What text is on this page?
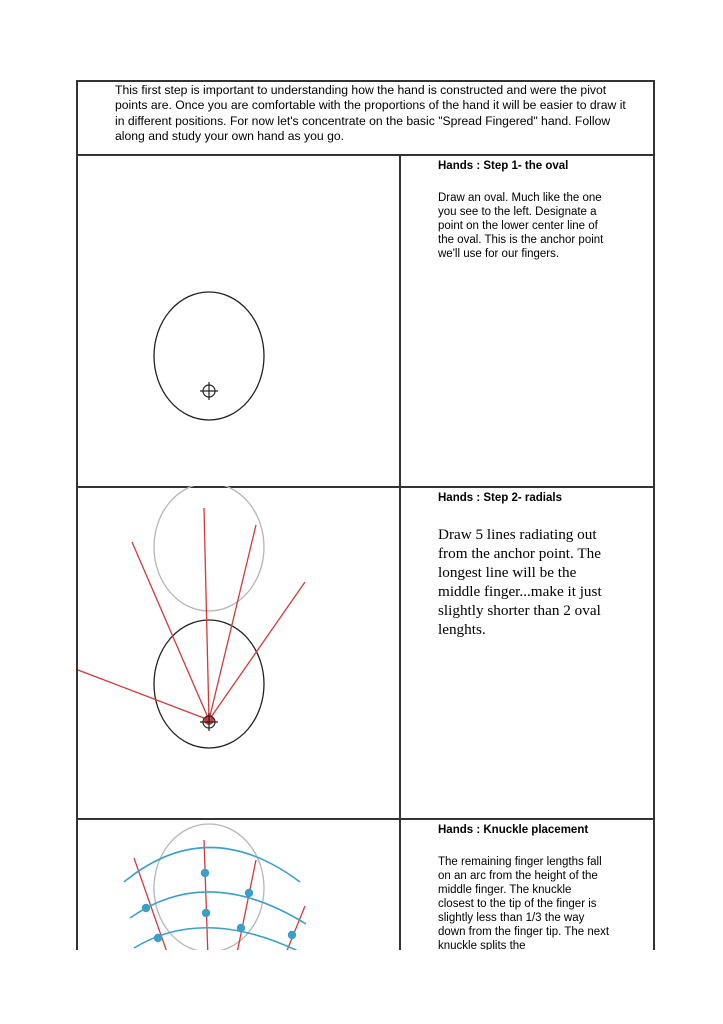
This first step is important to understanding how the hand is constructed and were the pivot points are. Once you are comfortable with the proportions of the hand it will be easier to draw it in different positions. For now let's concentrate on the basic "Spread Fingered" hand. Follow along and study your own hand as you go.

Hands : Step 1- the oval
Draw an oval. Much like the one you see to the left. Designate a point on the lower center line of the oval. This is the anchor point we'll use for our fingers.
Hands : Step 2- radials
Draw 5 lines radiating out from the anchor point. The longest line will be the middle finger...make it just slightly shorter than 2 oval lenghts.
Hands : Knuckle placement
The remaining finger lengths fall on an arc from the height of the middle finger. The knuckle closest to the tip of the finger is slightly less than 1/3 the way down from the finger tip. The next knuckle splits the
